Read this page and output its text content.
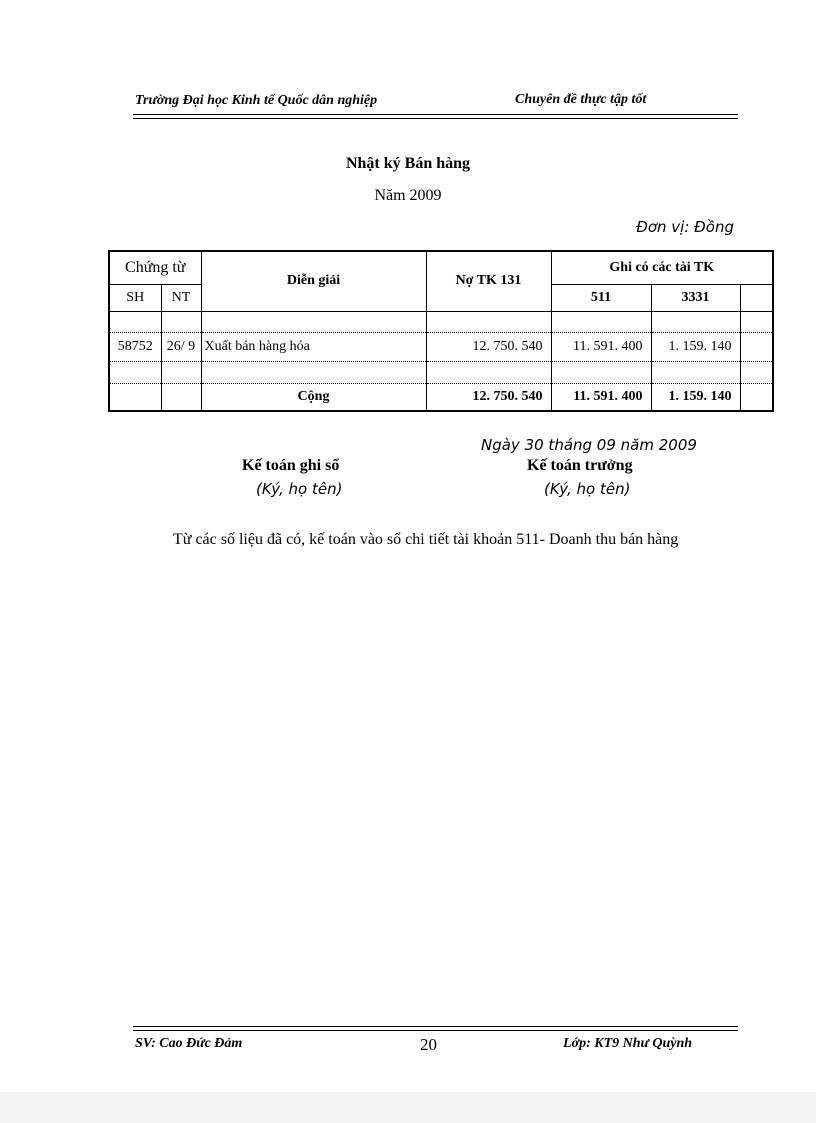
Trường Đại học Kinh tế Quốc dân nghiệp	Chuyên đề thực tập tốt
Nhật ký Bán hàng
Năm 2009
Đơn vị: Đồng
Chứng từ		Diễn giải	Nợ TK 131	Ghi có các tài TK		
SH	NT			511	3331	

58752	26/ 9	Xuất bán hàng hóa	12. 750. 540	11. 591. 400	1. 159. 140	

		Cộng	12. 750. 540	11. 591. 400	1. 159. 140	
Ngày 30 tháng 09 năm 2009
Kế toán ghi sổ	Kế toán trưởng
(Ký, họ tên)	(Ký, họ tên)
Từ các số liệu đã có, kế toán vào sổ chi tiết tài khoản 511- Doanh thu bán hàng
SV: Cao Đức Đảm	20	Lớp: KT9 Như Quỳnh
